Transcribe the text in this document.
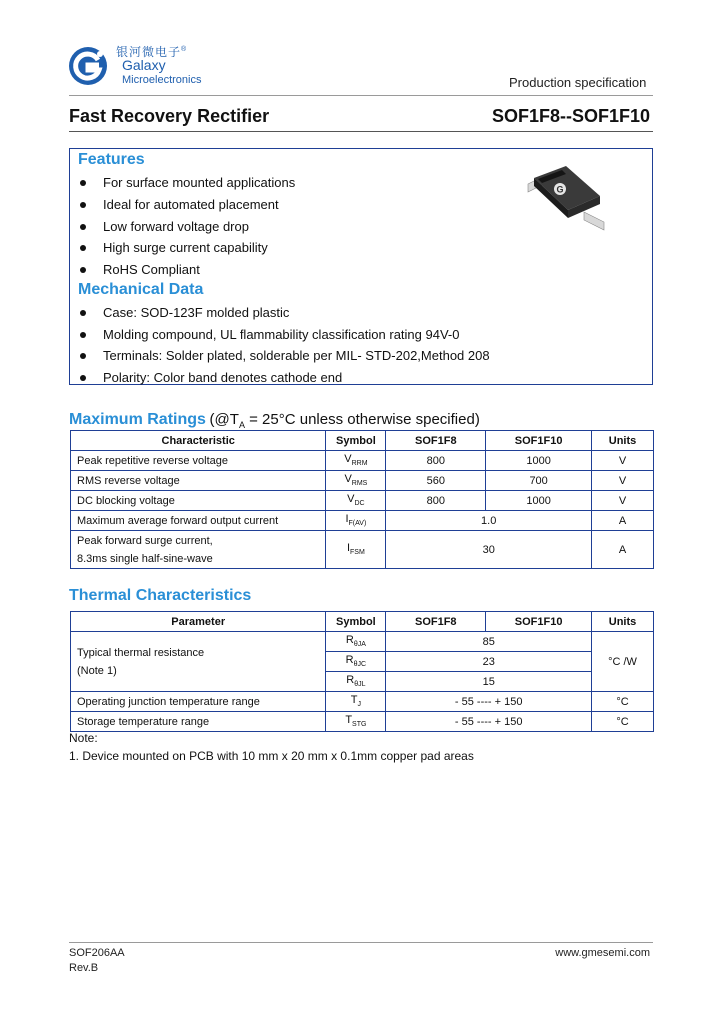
银河微电子®
Galaxy
Microelectronics	Production specification
Fast Recovery Rectifier	SOF1F8--SOF1F10
Features
For surface mounted applications
Ideal for automated placement
Low forward voltage drop
High surge current capability
RoHS Compliant
Mechanical Data
Case: SOD-123F molded plastic
Molding compound, UL flammability classification rating 94V-0
Terminals: Solder plated, solderable per MIL- STD-202,Method 208
Polarity: Color band denotes cathode end
G
Maximum Ratings ($@T_A = 25^\circ C$ unless otherwise specified)
Characteristic	Symbol	SOF1F8	SOF1F10	Units
Peak repetitive reverse voltage	$V_{RRM}$	800	1000	V
RMS reverse voltage	$V_{RMS}$	560	700	V
DC blocking voltage	$V_{DC}$	800	1000	V
Maximum average forward output current	$I_{F(AV)}$	1.0		A
Peak forward surge current,
8.3ms single half-sine-wave	$I_{FSM}$	30		A
Thermal Characteristics
Parameter	Symbol	SOF1F8	SOF1F10	Units
Typical thermal resistance
(Note 1)	$R_{\theta JA}$	85		°C /W
	$R_{\theta JC}$	23		
	$R_{\theta JL}$	15		
Operating junction temperature range	$T_J$	- 55 ---- + 150		°C
Storage temperature range	$T_{STG}$	- 55 ---- + 150		°C
Note:
1. Device mounted on PCB with 10 mm x 20 mm x 0.1mm copper pad areas
SOF206AA
Rev.B
www.gmesemi.com
